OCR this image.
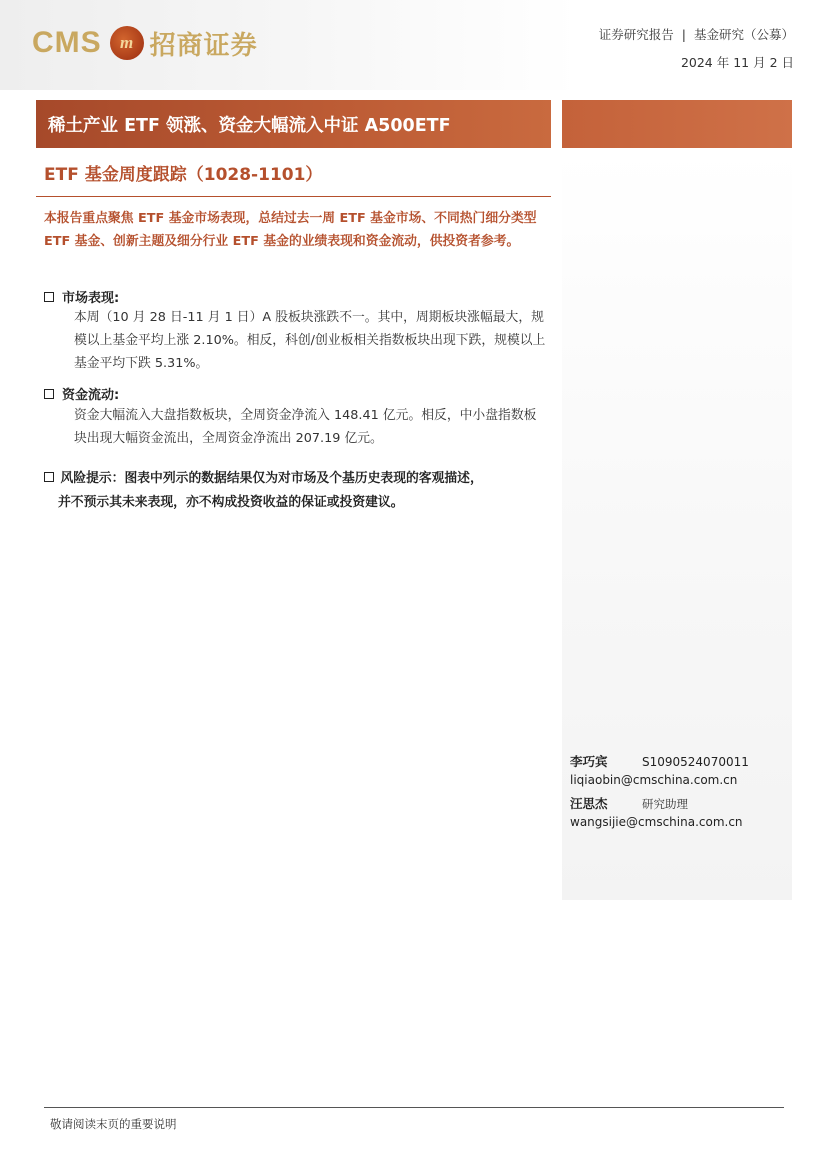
CMS	m 招商证券	证券研究报告 | 基金研究（公募）
2024 年 11 月 2 日
稀土产业 ETF 领涨、资金大幅流入中证 A500ETF
ETF 基金周度跟踪（1028-1101）
本报告重点聚焦 ETF 基金市场表现，总结过去一周 ETF 基金市场、不同热门细分类型 ETF 基金、创新主题及细分行业 ETF 基金的业绩表现和资金流动，供投资者参考。
市场表现:
本周（10 月 28 日-11 月 1 日）A 股板块涨跌不一。其中，周期板块涨幅最大，规模以上基金平均上涨 2.10%。相反，科创/创业板相关指数板块出现下跌，规模以上基金平均下跌 5.31%。
资金流动:
资金大幅流入大盘指数板块，全周资金净流入 148.41 亿元。相反，中小盘指数板块出现大幅资金流出，全周资金净流出 207.19 亿元。
风险提示：图表中列示的数据结果仅为对市场及个基历史表现的客观描述，
并不预示其未来表现，亦不构成投资收益的保证或投资建议。
李巧宾	S1090524070011
liqiaobin@cmschina.com.cn
汪思杰	研究助理
wangsijie@cmschina.com.cn
敬请阅读末页的重要说明
